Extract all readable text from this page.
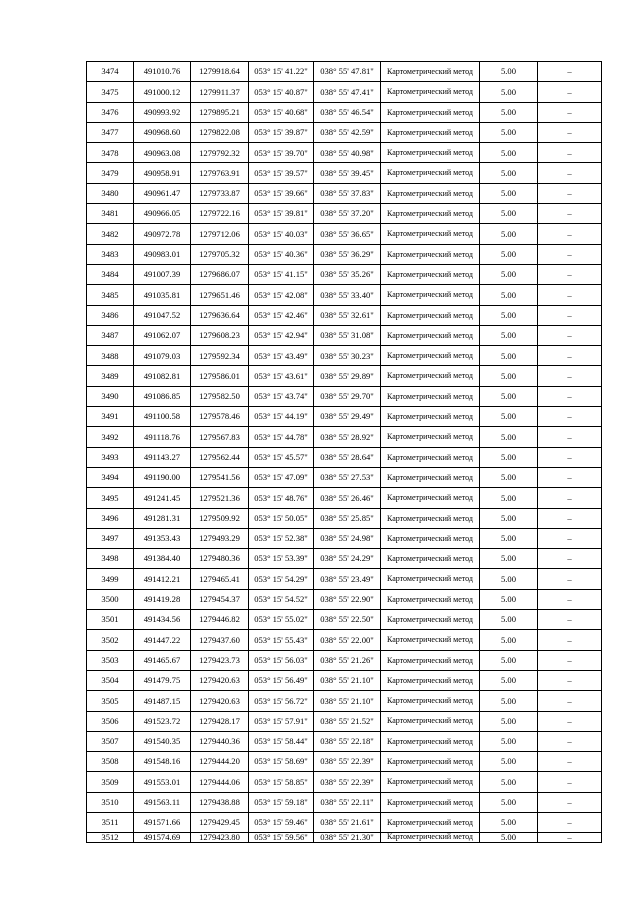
3474	491010.76	1279918.64	053° 15' 41.22"	038° 55' 47.81"	Картометрический метод	5.00	–
3475	491000.12	1279911.37	053° 15' 40.87"	038° 55' 47.41"	Картометрический метод	5.00	–
3476	490993.92	1279895.21	053° 15' 40.68"	038° 55' 46.54"	Картометрический метод	5.00	–
3477	490968.60	1279822.08	053° 15' 39.87"	038° 55' 42.59"	Картометрический метод	5.00	–
3478	490963.08	1279792.32	053° 15' 39.70"	038° 55' 40.98"	Картометрический метод	5.00	–
3479	490958.91	1279763.91	053° 15' 39.57"	038° 55' 39.45"	Картометрический метод	5.00	–
3480	490961.47	1279733.87	053° 15' 39.66"	038° 55' 37.83"	Картометрический метод	5.00	–
3481	490966.05	1279722.16	053° 15' 39.81"	038° 55' 37.20"	Картометрический метод	5.00	–
3482	490972.78	1279712.06	053° 15' 40.03"	038° 55' 36.65"	Картометрический метод	5.00	–
3483	490983.01	1279705.32	053° 15' 40.36"	038° 55' 36.29"	Картометрический метод	5.00	–
3484	491007.39	1279686.07	053° 15' 41.15"	038° 55' 35.26"	Картометрический метод	5.00	–
3485	491035.81	1279651.46	053° 15' 42.08"	038° 55' 33.40"	Картометрический метод	5.00	–
3486	491047.52	1279636.64	053° 15' 42.46"	038° 55' 32.61"	Картометрический метод	5.00	–
3487	491062.07	1279608.23	053° 15' 42.94"	038° 55' 31.08"	Картометрический метод	5.00	–
3488	491079.03	1279592.34	053° 15' 43.49"	038° 55' 30.23"	Картометрический метод	5.00	–
3489	491082.81	1279586.01	053° 15' 43.61"	038° 55' 29.89"	Картометрический метод	5.00	–
3490	491086.85	1279582.50	053° 15' 43.74"	038° 55' 29.70"	Картометрический метод	5.00	–
3491	491100.58	1279578.46	053° 15' 44.19"	038° 55' 29.49"	Картометрический метод	5.00	–
3492	491118.76	1279567.83	053° 15' 44.78"	038° 55' 28.92"	Картометрический метод	5.00	–
3493	491143.27	1279562.44	053° 15' 45.57"	038° 55' 28.64"	Картометрический метод	5.00	–
3494	491190.00	1279541.56	053° 15' 47.09"	038° 55' 27.53"	Картометрический метод	5.00	–
3495	491241.45	1279521.36	053° 15' 48.76"	038° 55' 26.46"	Картометрический метод	5.00	–
3496	491281.31	1279509.92	053° 15' 50.05"	038° 55' 25.85"	Картометрический метод	5.00	–
3497	491353.43	1279493.29	053° 15' 52.38"	038° 55' 24.98"	Картометрический метод	5.00	–
3498	491384.40	1279480.36	053° 15' 53.39"	038° 55' 24.29"	Картометрический метод	5.00	–
3499	491412.21	1279465.41	053° 15' 54.29"	038° 55' 23.49"	Картометрический метод	5.00	–
3500	491419.28	1279454.37	053° 15' 54.52"	038° 55' 22.90"	Картометрический метод	5.00	–
3501	491434.56	1279446.82	053° 15' 55.02"	038° 55' 22.50"	Картометрический метод	5.00	–
3502	491447.22	1279437.60	053° 15' 55.43"	038° 55' 22.00"	Картометрический метод	5.00	–
3503	491465.67	1279423.73	053° 15' 56.03"	038° 55' 21.26"	Картометрический метод	5.00	–
3504	491479.75	1279420.63	053° 15' 56.49"	038° 55' 21.10"	Картометрический метод	5.00	–
3505	491487.15	1279420.63	053° 15' 56.72"	038° 55' 21.10"	Картометрический метод	5.00	–
3506	491523.72	1279428.17	053° 15' 57.91"	038° 55' 21.52"	Картометрический метод	5.00	–
3507	491540.35	1279440.36	053° 15' 58.44"	038° 55' 22.18"	Картометрический метод	5.00	–
3508	491548.16	1279444.20	053° 15' 58.69"	038° 55' 22.39"	Картометрический метод	5.00	–
3509	491553.01	1279444.06	053° 15' 58.85"	038° 55' 22.39"	Картометрический метод	5.00	–
3510	491563.11	1279438.88	053° 15' 59.18"	038° 55' 22.11"	Картометрический метод	5.00	–
3511	491571.66	1279429.45	053° 15' 59.46"	038° 55' 21.61"	Картометрический метод	5.00	–
3512	491574.69	1279423.80	053° 15' 59.56"	038° 55' 21.30"	Картометрический метод	5.00	–
